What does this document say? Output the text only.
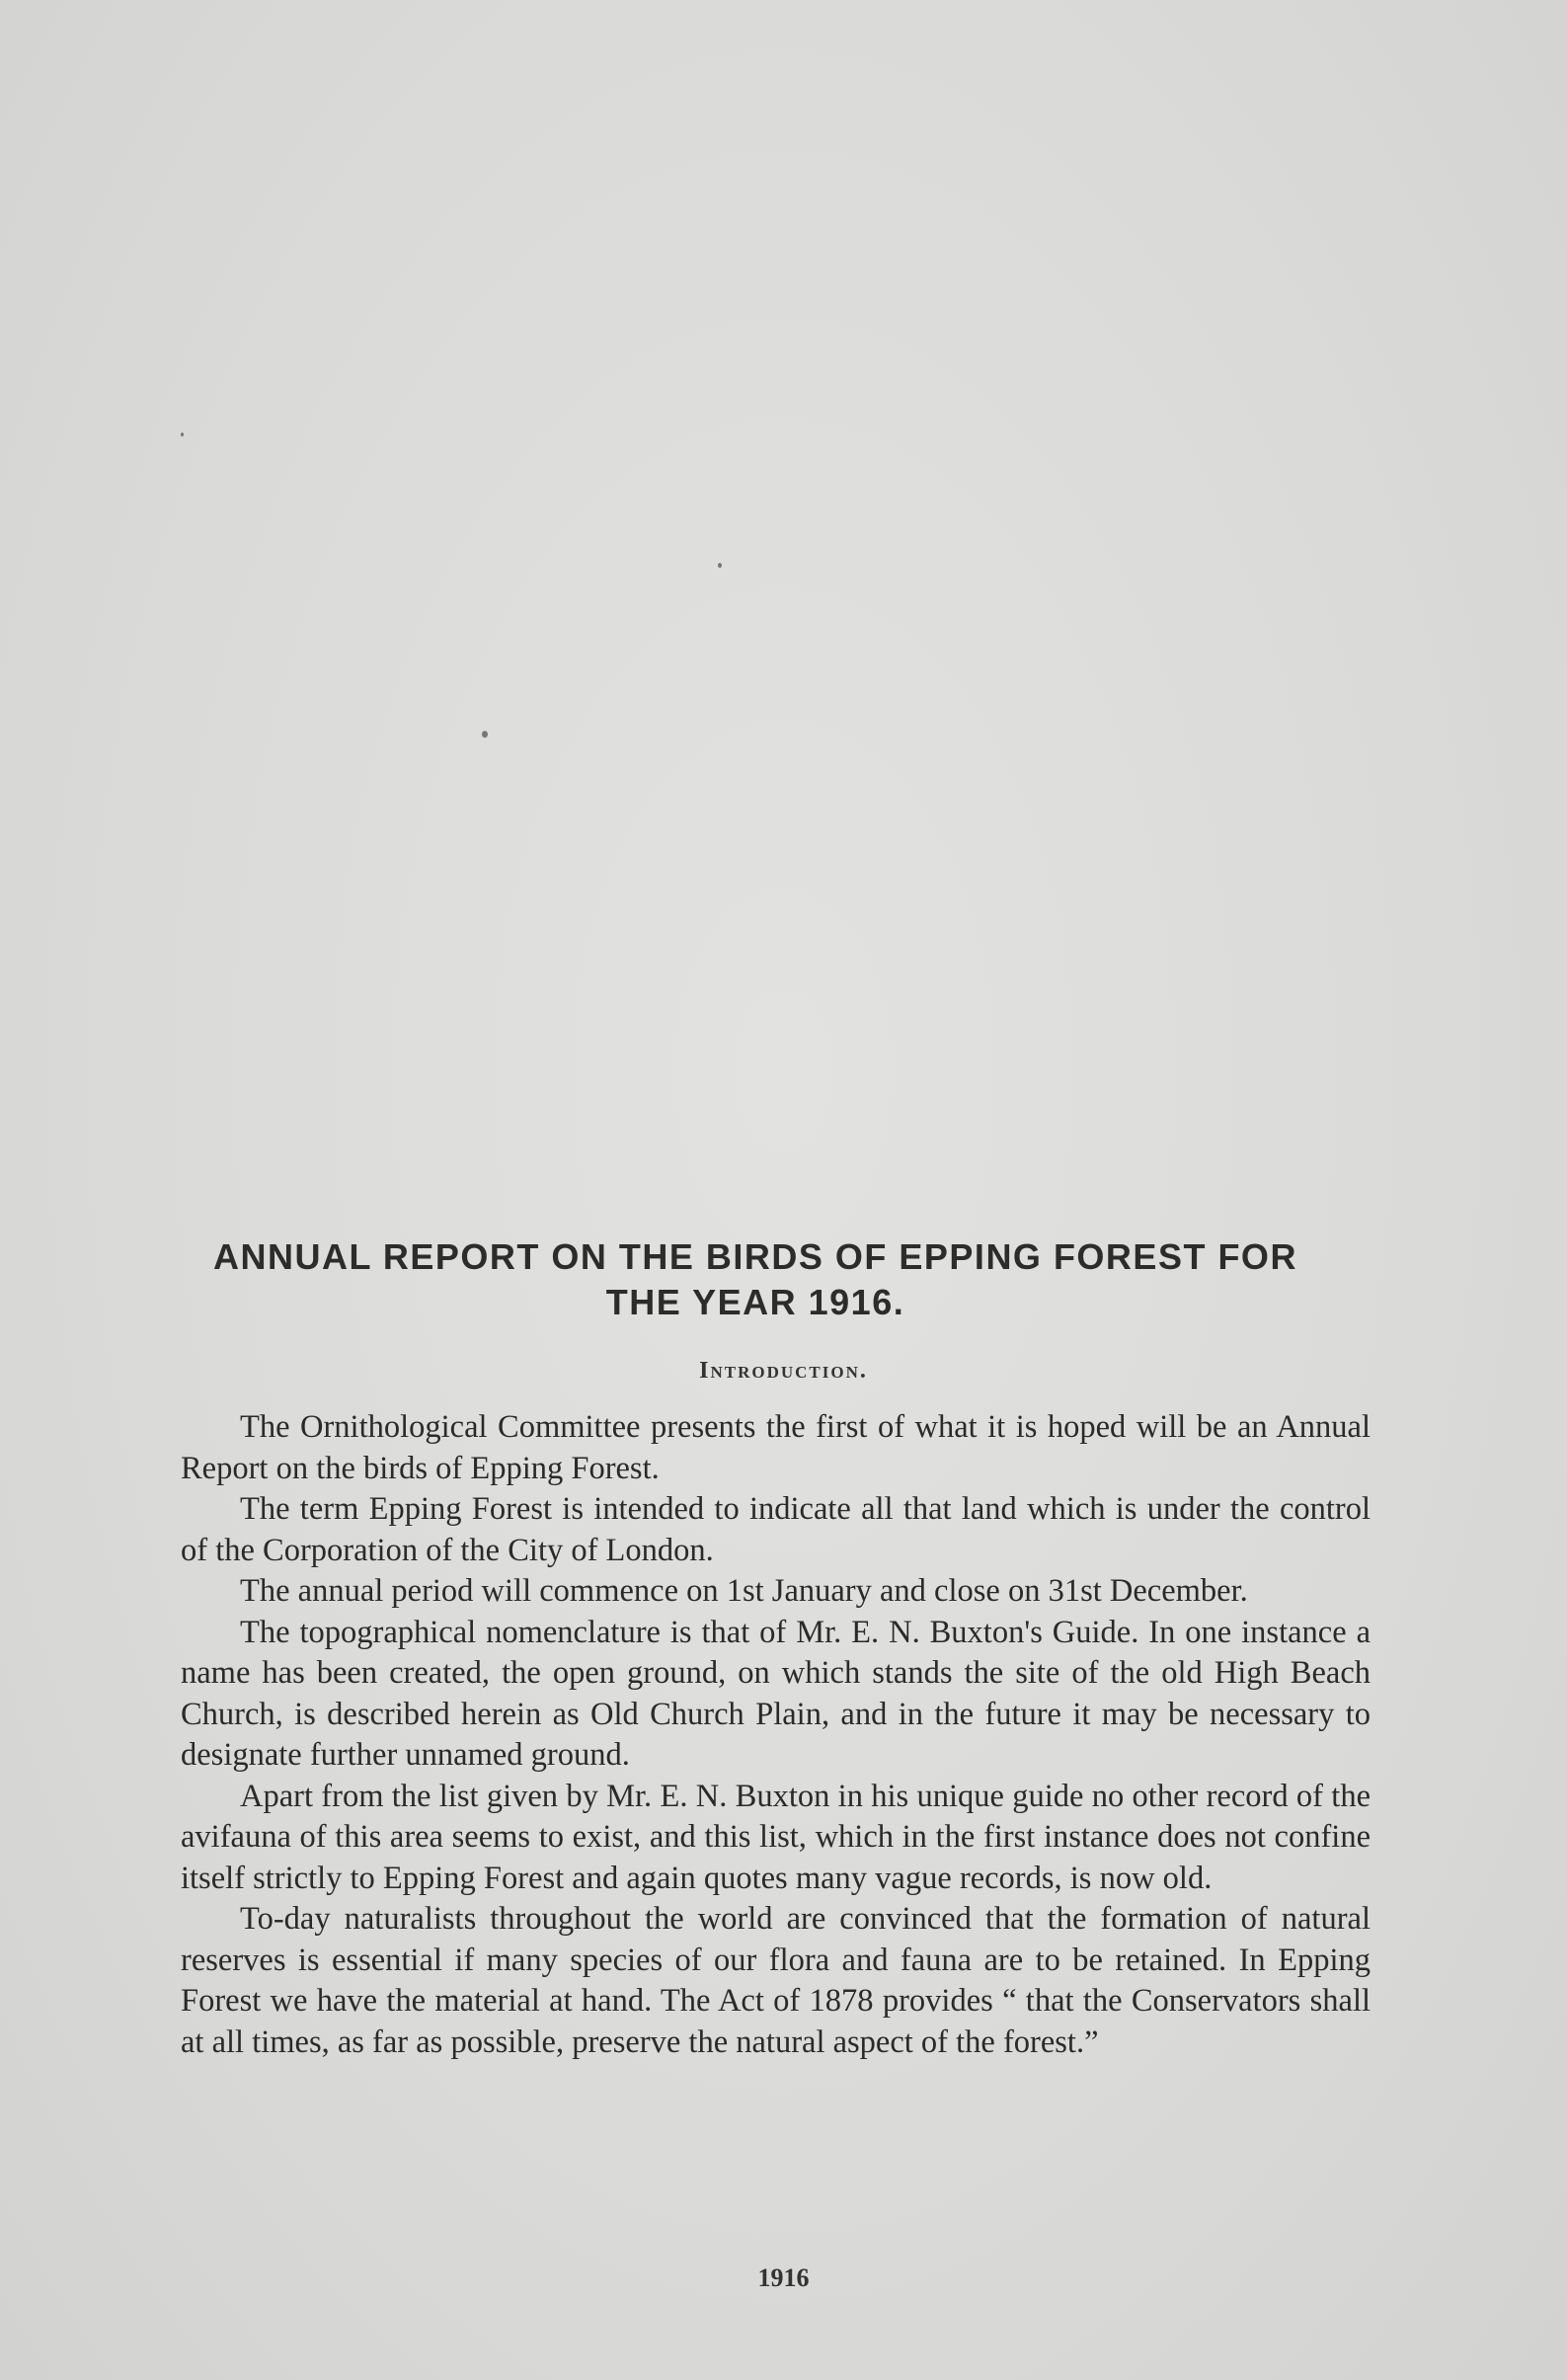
ANNUAL REPORT ON THE BIRDS OF EPPING FOREST FOR
THE YEAR 1916.
Introduction.

The Ornithological Committee presents the first of what it is hoped will be an Annual Report on the birds of Epping Forest.

The term Epping Forest is intended to indicate all that land which is under the control of the Corporation of the City of London.

The annual period will commence on 1st January and close on 31st December.

The topographical nomenclature is that of Mr. E. N. Buxton's Guide. In one instance a name has been created, the open ground, on which stands the site of the old High Beach Church, is described herein as Old Church Plain, and in the future it may be necessary to designate further unnamed ground.

Apart from the list given by Mr. E. N. Buxton in his unique guide no other record of the avifauna of this area seems to exist, and this list, which in the first instance does not confine itself strictly to Epping Forest and again quotes many vague records, is now old.

To-day naturalists throughout the world are convinced that the formation of natural reserves is essential if many species of our flora and fauna are to be retained. In Epping Forest we have the material at hand. The Act of 1878 provides “ that the Conservators shall at all times, as far as possible, preserve the natural aspect of the forest.”

1916
